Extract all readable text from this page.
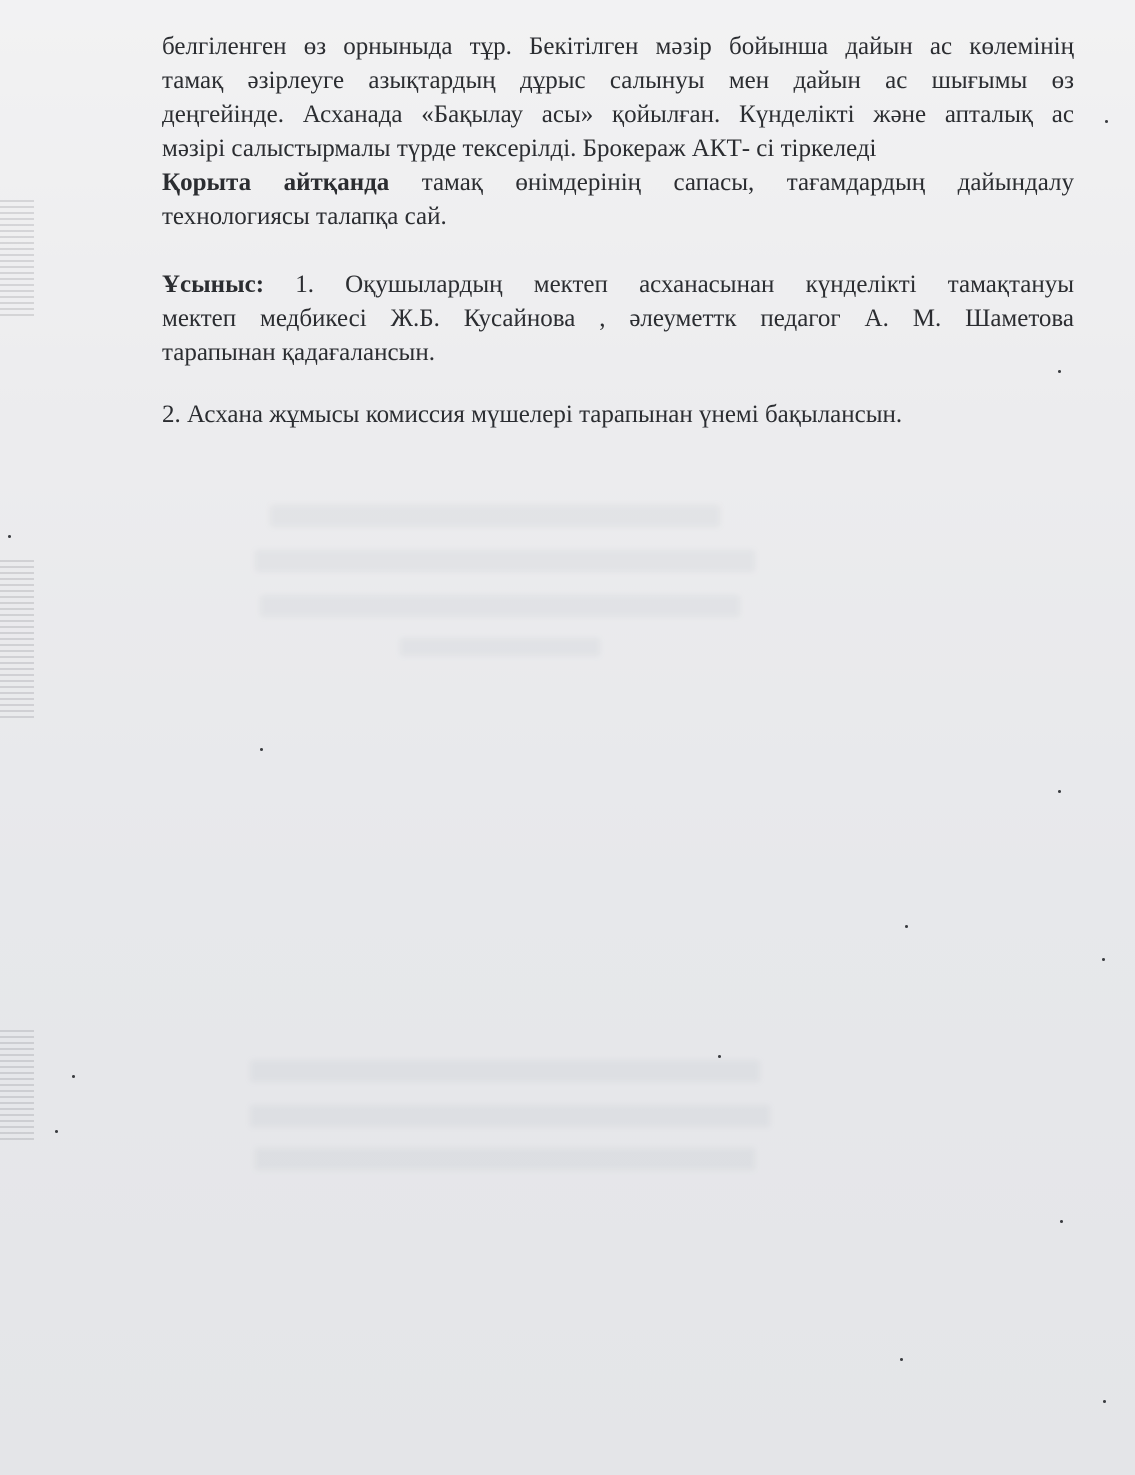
белгіленген өз орныныда тұр. Бекітілген мәзір бойынша дайын ас көлемінің
тамақ әзірлеуге азықтардың дұрыс салынуы мен дайын ас шығымы өз
деңгейінде. Асханада «Бақылау асы» қойылған. Күнделікті және апталық ас
мәзірі салыстырмалы түрде тексерілді. Брокераж АКТ- сі тіркеледі
Қорыта айтқанда тамақ өнімдерінің сапасы, тағамдардың дайындалу
технологиясы талапқа сай.
Ұсыныс: 1. Оқушылардың мектеп асханасынан күнделікті тамақтануы
мектеп медбикесі Ж.Б. Кусайнова , әлеуметтк педагог А. М. Шаметова
тарапынан қадағалансын.
2. Асхана жұмысы комиссия мүшелері тарапынан үнемі бақылансын.
